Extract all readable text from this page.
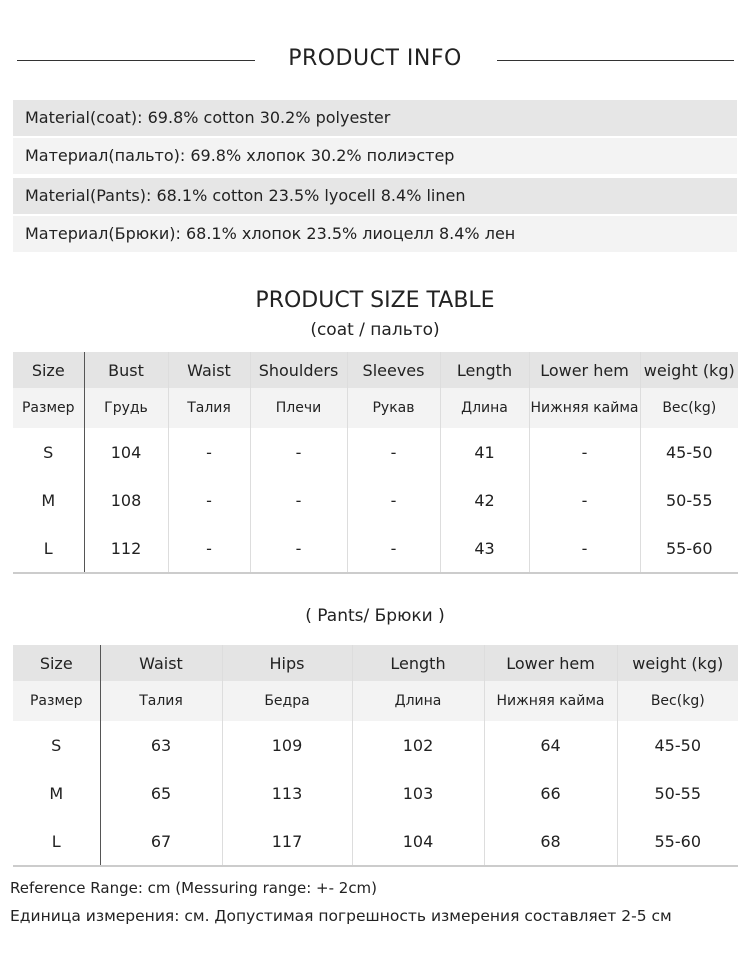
PRODUCT INFO
Material(coat): 69.8% cotton 30.2% polyester
Материал(пальто): 69.8% хлопок 30.2% полиэстер
Material(Pants): 68.1% cotton 23.5% lyocell 8.4% linen
Материал(Брюки): 68.1% хлопок 23.5% лиоцелл 8.4% лен
PRODUCT SIZE TABLE
(coat / пальто)
Size	Bust	Waist	Shoulders	Sleeves	Length	Lower hem	weight (kg)
Размер	Грудь	Талия	Плечи	Рукав	Длина	Нижняя кайма	Вес(kg)
S	104	-	-	-	41	-	45-50
M	108	-	-	-	42	-	50-55
L	112	-	-	-	43	-	55-60
( Pants/ Брюки )
Size	Waist	Hips	Length	Lower hem	weight (kg)
Размер	Талия	Бедра	Длина	Нижняя кайма	Вес(kg)
S	63	109	102	64	45-50
M	65	113	103	66	50-55
L	67	117	104	68	55-60
Reference Range: cm (Messuring range: +- 2cm)
Единица измерения: см. Допустимая погрешность измерения составляет 2-5 см
